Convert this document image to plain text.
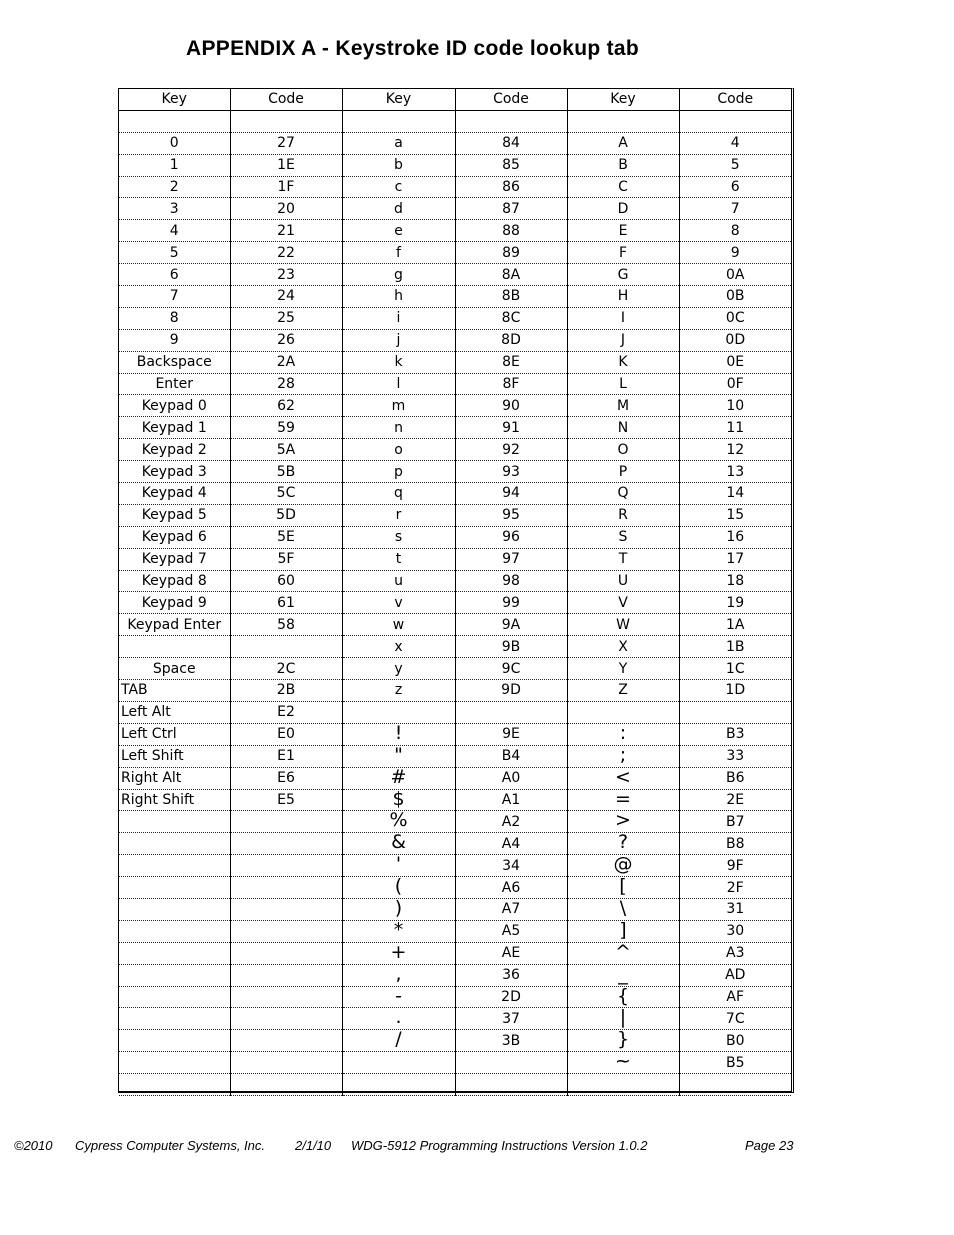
APPENDIX A - Keystroke ID code lookup tab
Key	Code	Key	Code	Key	Code

0	27	a	84	A	4
1	1E	b	85	B	5
2	1F	c	86	C	6
3	20	d	87	D	7
4	21	e	88	E	8
5	22	f	89	F	9
6	23	g	8A	G	0A
7	24	h	8B	H	0B
8	25	i	8C	I	0C
9	26	j	8D	J	0D
Backspace	2A	k	8E	K	0E
Enter	28	l	8F	L	0F
Keypad 0	62	m	90	M	10
Keypad 1	59	n	91	N	11
Keypad 2	5A	o	92	O	12
Keypad 3	5B	p	93	P	13
Keypad 4	5C	q	94	Q	14
Keypad 5	5D	r	95	R	15
Keypad 6	5E	s	96	S	16
Keypad 7	5F	t	97	T	17
Keypad 8	60	u	98	U	18
Keypad 9	61	v	99	V	19
Keypad Enter	58	w	9A	W	1A
		x	9B	X	1B
Space	2C	y	9C	Y	1C
TAB	2B	z	9D	Z	1D
Left Alt	E2				
Left Ctrl	E0	!	9E	:	B3
Left Shift	E1	"	B4	;	33
Right Alt	E6	#	A0	<	B6
Right Shift	E5	$	A1	=	2E
		%	A2	>	B7
		&	A4	?	B8
		'	34	@	9F
		(	A6	[	2F
		)	A7	\	31
		*	A5	]	30
		+	AE	^	A3
		,	36	_	AD
		-	2D	{	AF
		.	37	|	7C
		/	3B	}	B0
				~	B5

©2010 Cypress Computer Systems, Inc. 2/1/10 WDG-5912 Programming Instructions Version 1.0.2	Page 23
